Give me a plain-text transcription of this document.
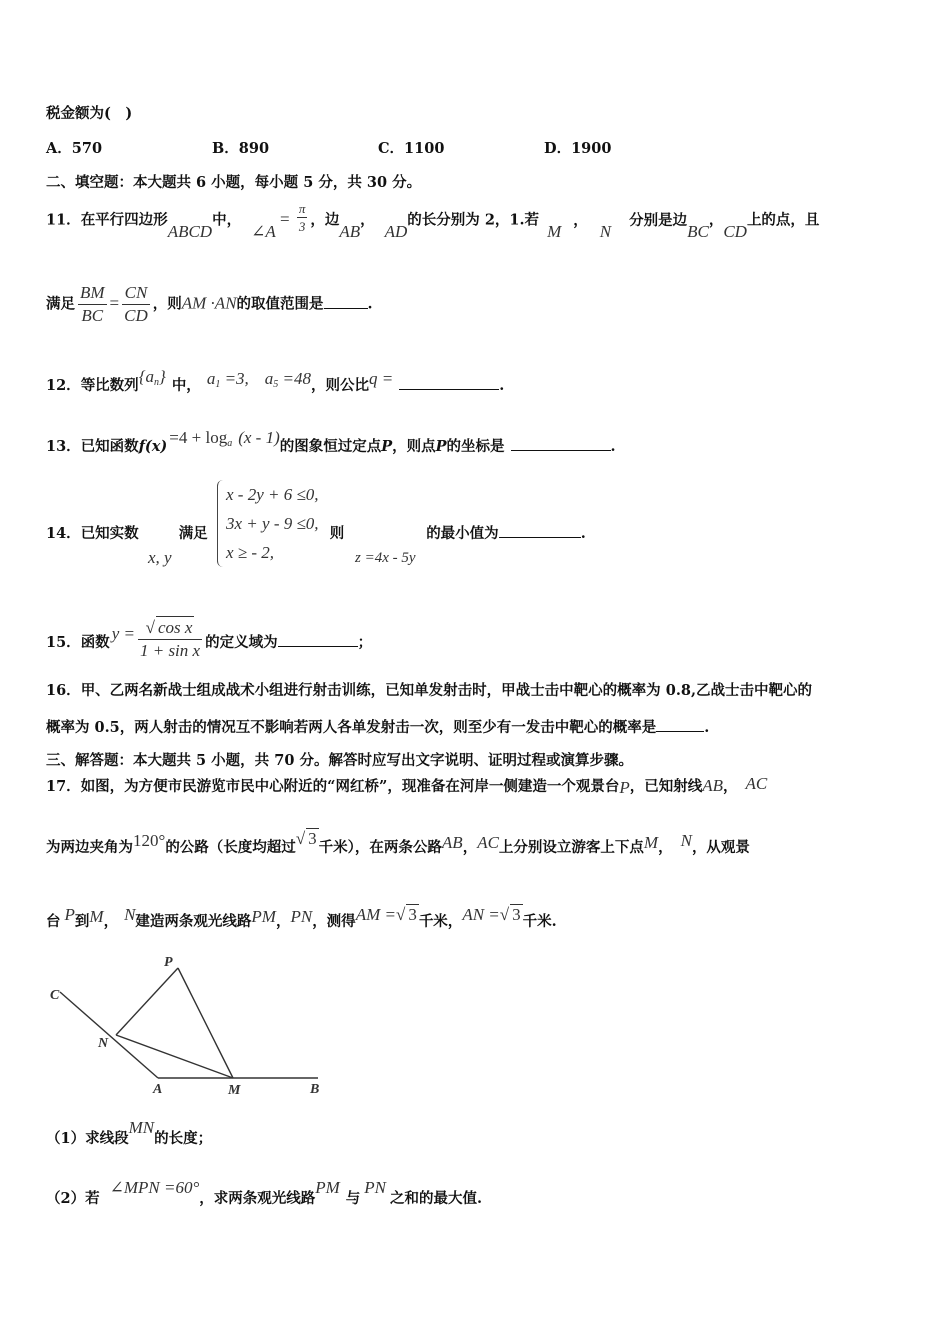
税金额为(　)
A．570	B．890	C．1100	D．1900
二、填空题：本大题共 6 小题，每小题 5 分，共 30 分。
11．在平行四边形ABCD中，∠A = $\frac{\pi}{3}$ ，边AB，AD的长分别为 2，1.若M，N分别是边BC，CD上的点，且
满足 $\frac{BM}{BC} = \frac{CN}{CD}$ ，则AM ·AN的取值范围是	.
12．等比数列$\{a_n\}$ 中， $a_1 =3$, $a_5 =48$，则公比q =	.
13．已知函数$f(x) =4 + \log_a (x - 1)$的图象恒过定点P，则点P的坐标是	.
14．已知实数	满足	则	的最小值为	.
x, y
x - 2y + 6 ≤0,
3x + y - 9 ≤0,
x ≥ - 2,	z =4x - 5y
15．函数 $y = \frac{\text{√ cos x}}{\text{1 + sin x}}$ 的定义域为	；
16．甲、乙两名新战士组成战术小组进行射击训练，已知单发射击时，甲战士击中靶心的概率为 0.8,乙战士击中靶心的
概率为 0.5，两人射击的情况互不影响若两人各单发射击一次，则至少有一发击中靶心的概率是	.
三、解答题：本大题共 5 小题，共 70 分。解答时应写出文字说明、证明过程或演算步骤。
17．如图，为方便市民游览市民中心附近的“网红桥”，现准备在河岸一侧建造一个观景台P，已知射线AB， AC
为两边夹角为120°的公路（长度均超过√ 3 千米），在两条公路AB，AC上分别设立游客上下点M， N，从观景
台 P到M， N建造两条观光线路PM，PN，测得AM =√ 3 千米，AN =√ 3 千米.
C
P
N
A	M	B
（1）求线段MN的长度；
（2）若∠MPN =60°，求两条观光线路PM与PN之和的最大值.
